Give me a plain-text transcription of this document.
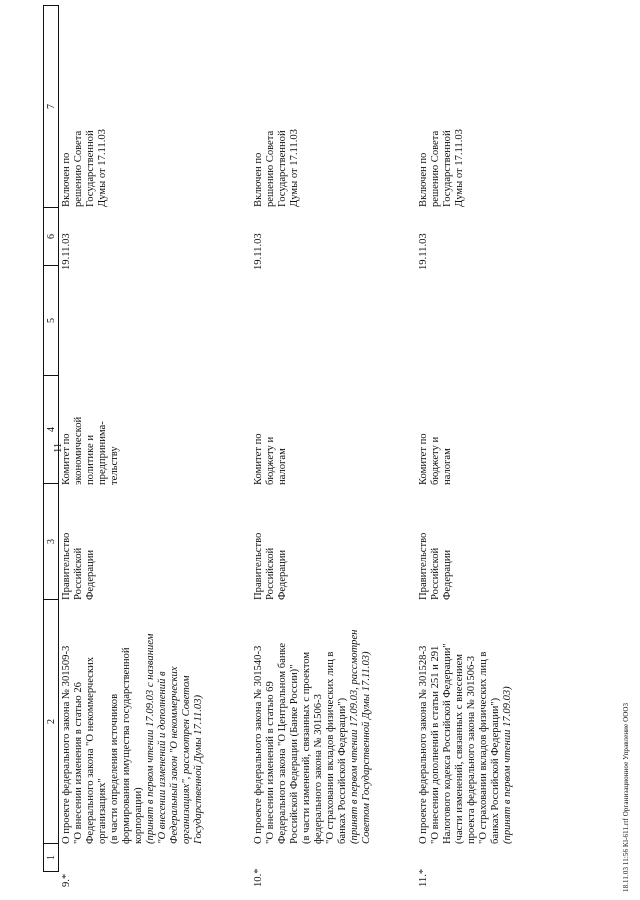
11
1
2
3
4
5
6
7
9.*
О проекте федерального закона № 301509-3 "О внесении изменения в статью 26 Федерального закона "О некоммерческих организациях" (в части определения источников формирования имущества государственной корпорации) (принят в первом чтении 17.09.03 с названием "О внесении изменений и дополнений в Федеральный закон "О некоммерческих организациях", рассмотрен Советом Государственной Думы 17.11.03)
Правительство Российской Федерации
Комитет по экономической политике и предпринима- тельству
19.11.03
Включен по решению Совета Государственной Думы от 17.11.03
10.*
О проекте федерального закона № 301540-3 "О внесении изменений в статью 69 Федерального закона "О Центральном банке Российской Федерации (Банке России)" (в части изменений, связанных с проектом федерального закона № 301506-3 "О страховании вкладов физических лиц в банках Российской Федерации") (принят в первом чтении 17.09.03, рассмотрен Советом Государственной Думы 17.11.03)
Правительство Российской Федерации
Комитет по бюджету и налогам
19.11.03
Включен по решению Совета Государственной Думы от 17.11.03
11.*
О проекте федерального закона № 301528-3 "О внесении дополнений в статьи 251 и 291 Налогового кодекса Российской Федерации" (части изменений, связанных с внесением проекта федерального закона № 301506-3 "О страховании вкладов физических лиц в банках Российской Федерации") (принят в первом чтении 17.09.03)
Правительство Российской Федерации
Комитет по бюджету и налогам
19.11.03
Включен по решению Совета Государственной Думы от 17.11.03
18.11.03 11:56 Kl-611.rtf Организационное Управление ООО3
